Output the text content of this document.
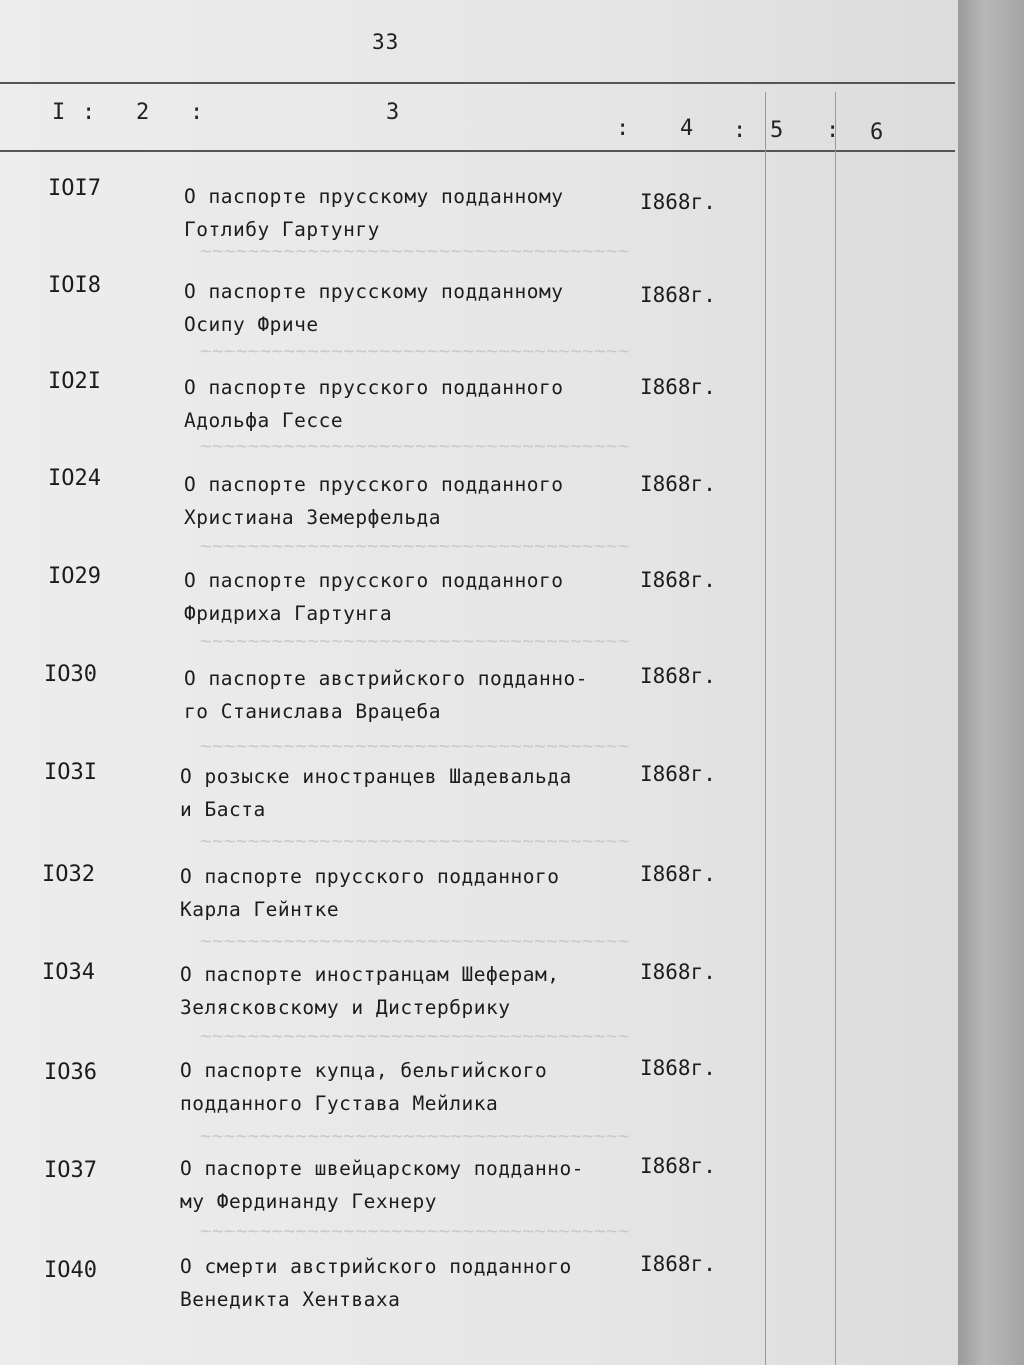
33
I : 2 :	3
: 4 : 5 : 6
~~~~~~~~~~~~~~~~~~~~~~~~~~~~~~~~~~~~
~~~~~~~~~~~~~~~~~~~~~~~~~~~~~~~~~~~~
~~~~~~~~~~~~~~~~~~~~~~~~~~~~~~~~~~~~
~~~~~~~~~~~~~~~~~~~~~~~~~~~~~~~~~~~~
~~~~~~~~~~~~~~~~~~~~~~~~~~~~~~~~~~~~
~~~~~~~~~~~~~~~~~~~~~~~~~~~~~~~~~~~~
~~~~~~~~~~~~~~~~~~~~~~~~~~~~~~~~~~~~
~~~~~~~~~~~~~~~~~~~~~~~~~~~~~~~~~~~~
~~~~~~~~~~~~~~~~~~~~~~~~~~~~~~~~~~~~
~~~~~~~~~~~~~~~~~~~~~~~~~~~~~~~~~~~~
~~~~~~~~~~~~~~~~~~~~~~~~~~~~~~~~~~~~
IOI7	О паспорте прусскому подданному
Готлибу Гартунгу
I868г.
IOI8	О паспорте прусскому подданному
Осипу Фриче
I868г.
IO2I	О паспорте прусского подданного
Адольфа Гессе
I868г.
IO24	О паспорте прусского подданного
Христиана Земерфельда
I868г.
IO29	О паспорте прусского подданного
Фридриха Гартунга
I868г.
IO30	О паспорте австрийского подданно-
го Станислава Врацеба
I868г.
IO3I	О розыске иностранцев Шадевальда
и Баста
I868г.
IO32	О паспорте прусского подданного
Карла Гейнтке
I868г.
IO34	О паспорте иностранцам Шеферам,
Зелясковскому и Дистербрику
I868г.
IO36	О паспорте купца, бельгийского
подданного Густава Мейлика
I868г.
IO37	О паспорте швейцарскому подданно-
му Фердинанду Гехнеру
I868г.
IO40	О смерти австрийского подданного
Венедикта Хентваха
I868г.
